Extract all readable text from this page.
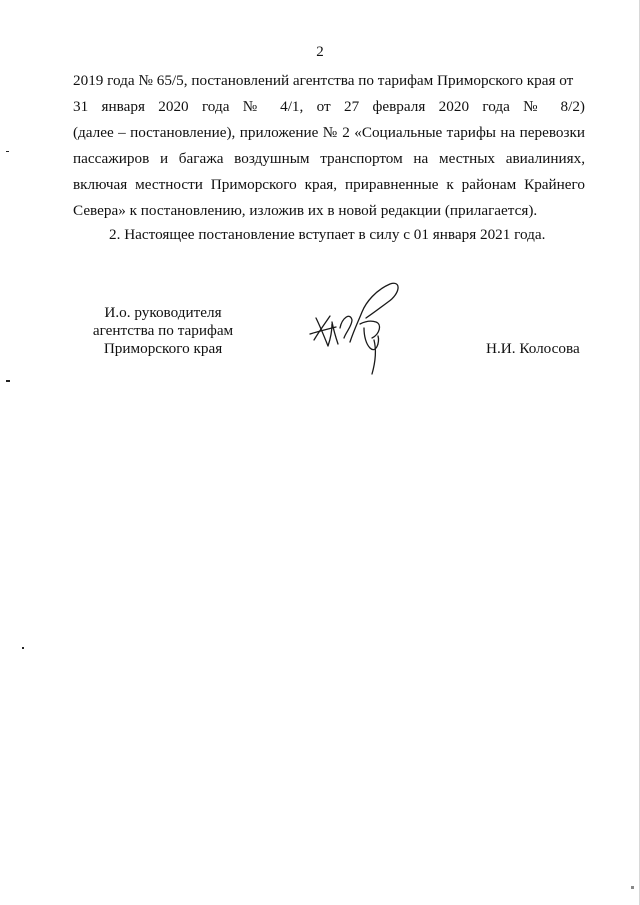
2
2019 года № 65/5, постановлений агентства по тарифам Приморского края от
31 января 2020 года № 4/1, от 27 февраля 2020 года № 8/2)
(далее – постановление), приложение № 2 «Социальные тарифы на перевозки
пассажиров и багажа воздушным транспортом на местных авиалиниях,
включая местности Приморского края, приравненные к районам Крайнего
Севера» к постановлению, изложив их в новой редакции (прилагается).
2. Настоящее постановление вступает в силу с 01 января 2021 года.
И.о. руководителя
агентства по тарифам
Приморского края	Н.И. Колосова
